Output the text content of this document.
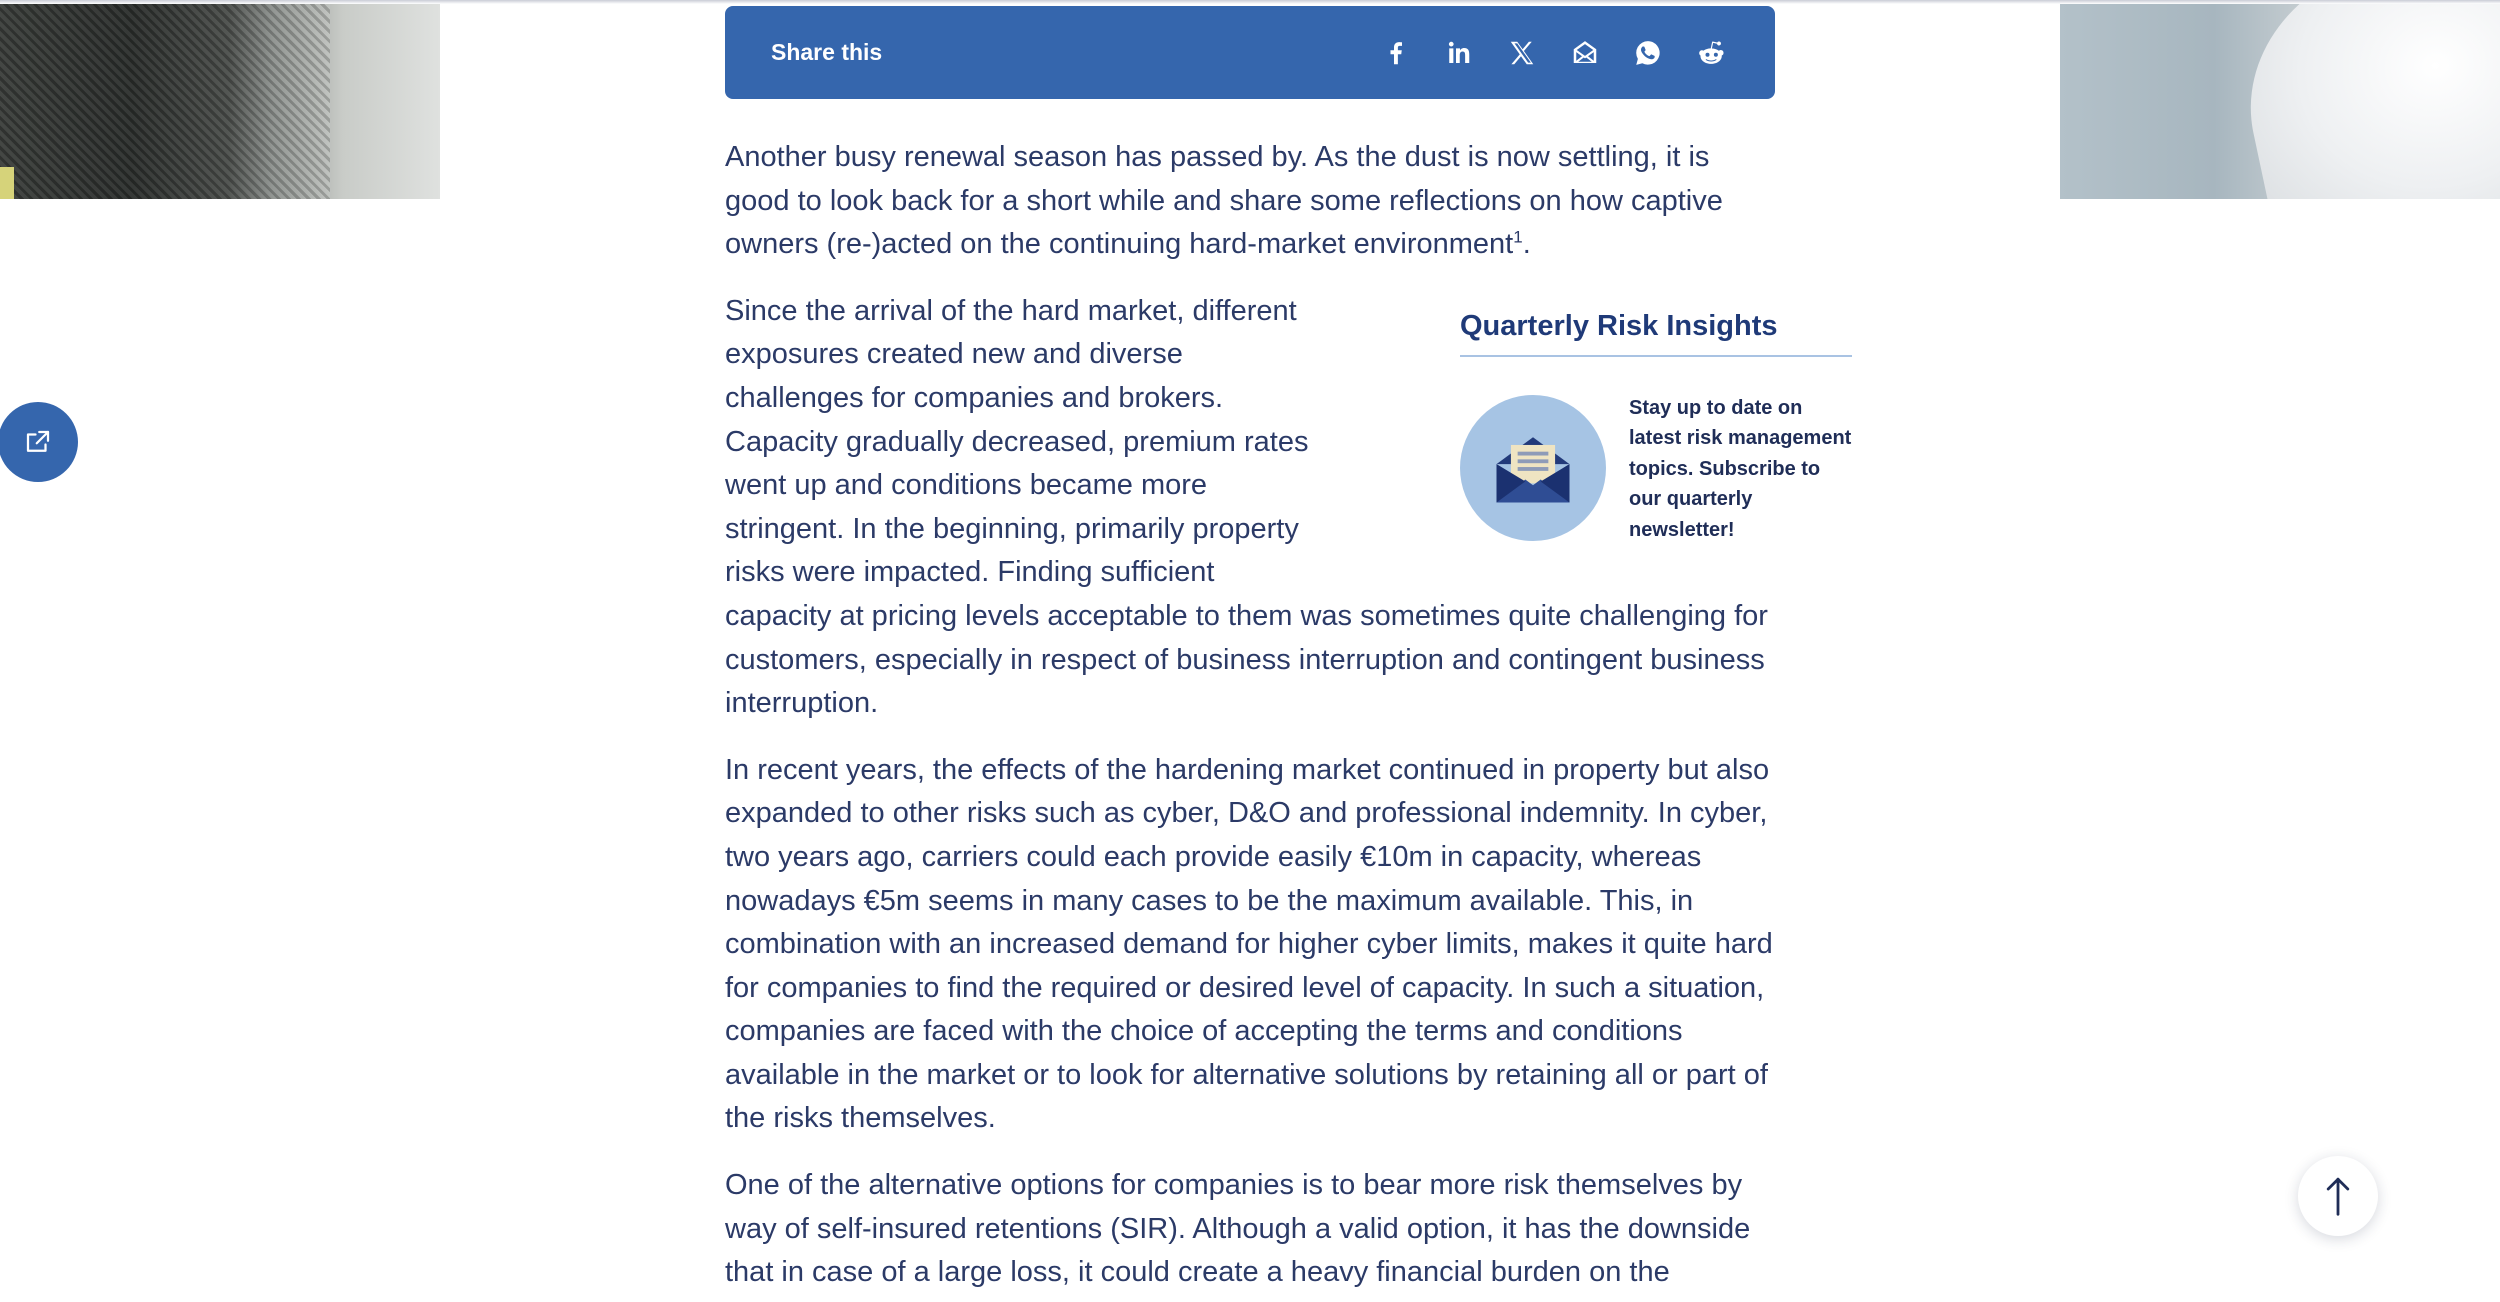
Share this

Another busy renewal season has passed by. As the dust is now settling, it is good to look back for a short while and share some reflections on how captive owners (re-)acted on the continuing hard-market environment$^1$.

Quarterly Risk Insights
Stay up to date on latest risk management topics. Subscribe to our quarterly newsletter!

Since the arrival of the hard market, different exposures created new and diverse challenges for companies and brokers. Capacity gradually decreased, premium rates went up and conditions became more stringent. In the beginning, primarily property risks were impacted. Finding sufficient capacity at pricing levels acceptable to them was sometimes quite challenging for customers, especially in respect of business interruption and contingent business interruption.

In recent years, the effects of the hardening market continued in property but also expanded to other risks such as cyber, D&O and professional indemnity. In cyber, two years ago, carriers could each provide easily €10m in capacity, whereas nowadays €5m seems in many cases to be the maximum available. This, in combination with an increased demand for higher cyber limits, makes it quite hard for companies to find the required or desired level of capacity. In such a situation, companies are faced with the choice of accepting the terms and conditions available in the market or to look for alternative solutions by retaining all or part of the risks themselves.

One of the alternative options for companies is to bear more risk themselves by way of self-insured retentions (SIR). Although a valid option, it has the downside that in case of a large loss, it could create a heavy financial burden on the
